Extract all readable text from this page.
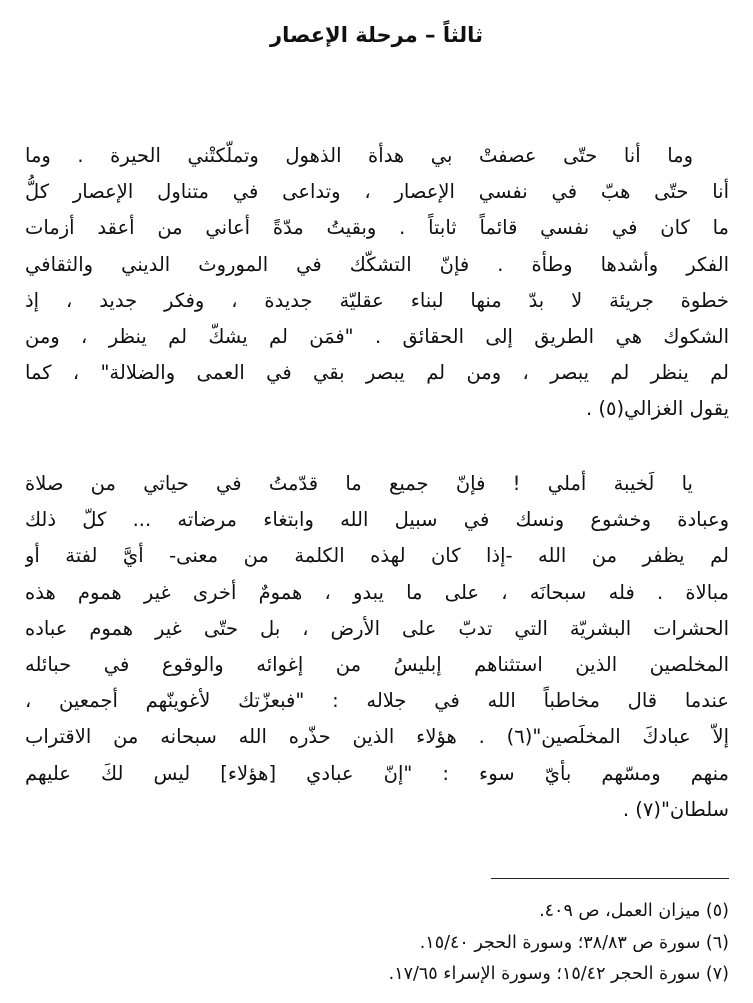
ثالثاً – مرحلة الإعصار
وما أنا حتّى عصفتْ بي هدأة الذهول وتملّكتْني الحيرة . وما
أنا حتّى هبّ في نفسي الإعصار ، وتداعى في متناول الإعصار كلُّ
ما كان في نفسي قائماً ثابتاً . وبقيتُ مدّةً أعاني من أعقد أزمات
الفكر وأشدها وطأة . فإنّ التشكّك في الموروث الديني والثقافي
خطوة جريئة لا بدّ منها لبناء عقليّة جديدة ، وفكر جديد ، إذ
الشكوك هي الطريق إلى الحقائق . "فمَن لم يشكّ لم ينظر ، ومن
لم ينظر لم يبصر ، ومن لم يبصر بقي في العمى والضلالة" ، كما
يقول الغزالي(٥) .
يا لَخيبة أملي ! فإنّ جميع ما قدّمتُ في حياتي من صلاة
وعبادة وخشوع ونسك في سبيل الله وابتغاء مرضاته ... كلّ ذلك
لم يظفر من الله -إذا كان لهذه الكلمة من معنى- أيَّ لفتة أو
مبالاة . فله سبحانَه ، على ما يبدو ، همومٌ أخرى غير هموم هذه
الحشرات البشريّة التي تدبّ على الأرض ، بل حتّى غير هموم عباده
المخلصين الذين استثناهم إبليسُ من إغوائه والوقوع في حبائله
عندما قال مخاطباً الله في جلاله : "فبعزّتك لأغوينّهم أجمعين ،
إلاّ عبادكَ المخلَصين"(٦) . هؤلاء الذين حذّره الله سبحانه من الاقتراب
منهم ومسّهم بأيّ سوء : "إنّ عبادي [هؤلاء] ليس لكَ عليهم
سلطان"(٧) .
(٥) ميزان العمل، ص ٤٠٩.
(٦) سورة ص ٣٨/٨٣؛ وسورة الحجر ١٥/٤٠.
(٧) سورة الحجر ١٥/٤٢؛ وسورة الإسراء ١٧/٦٥.
